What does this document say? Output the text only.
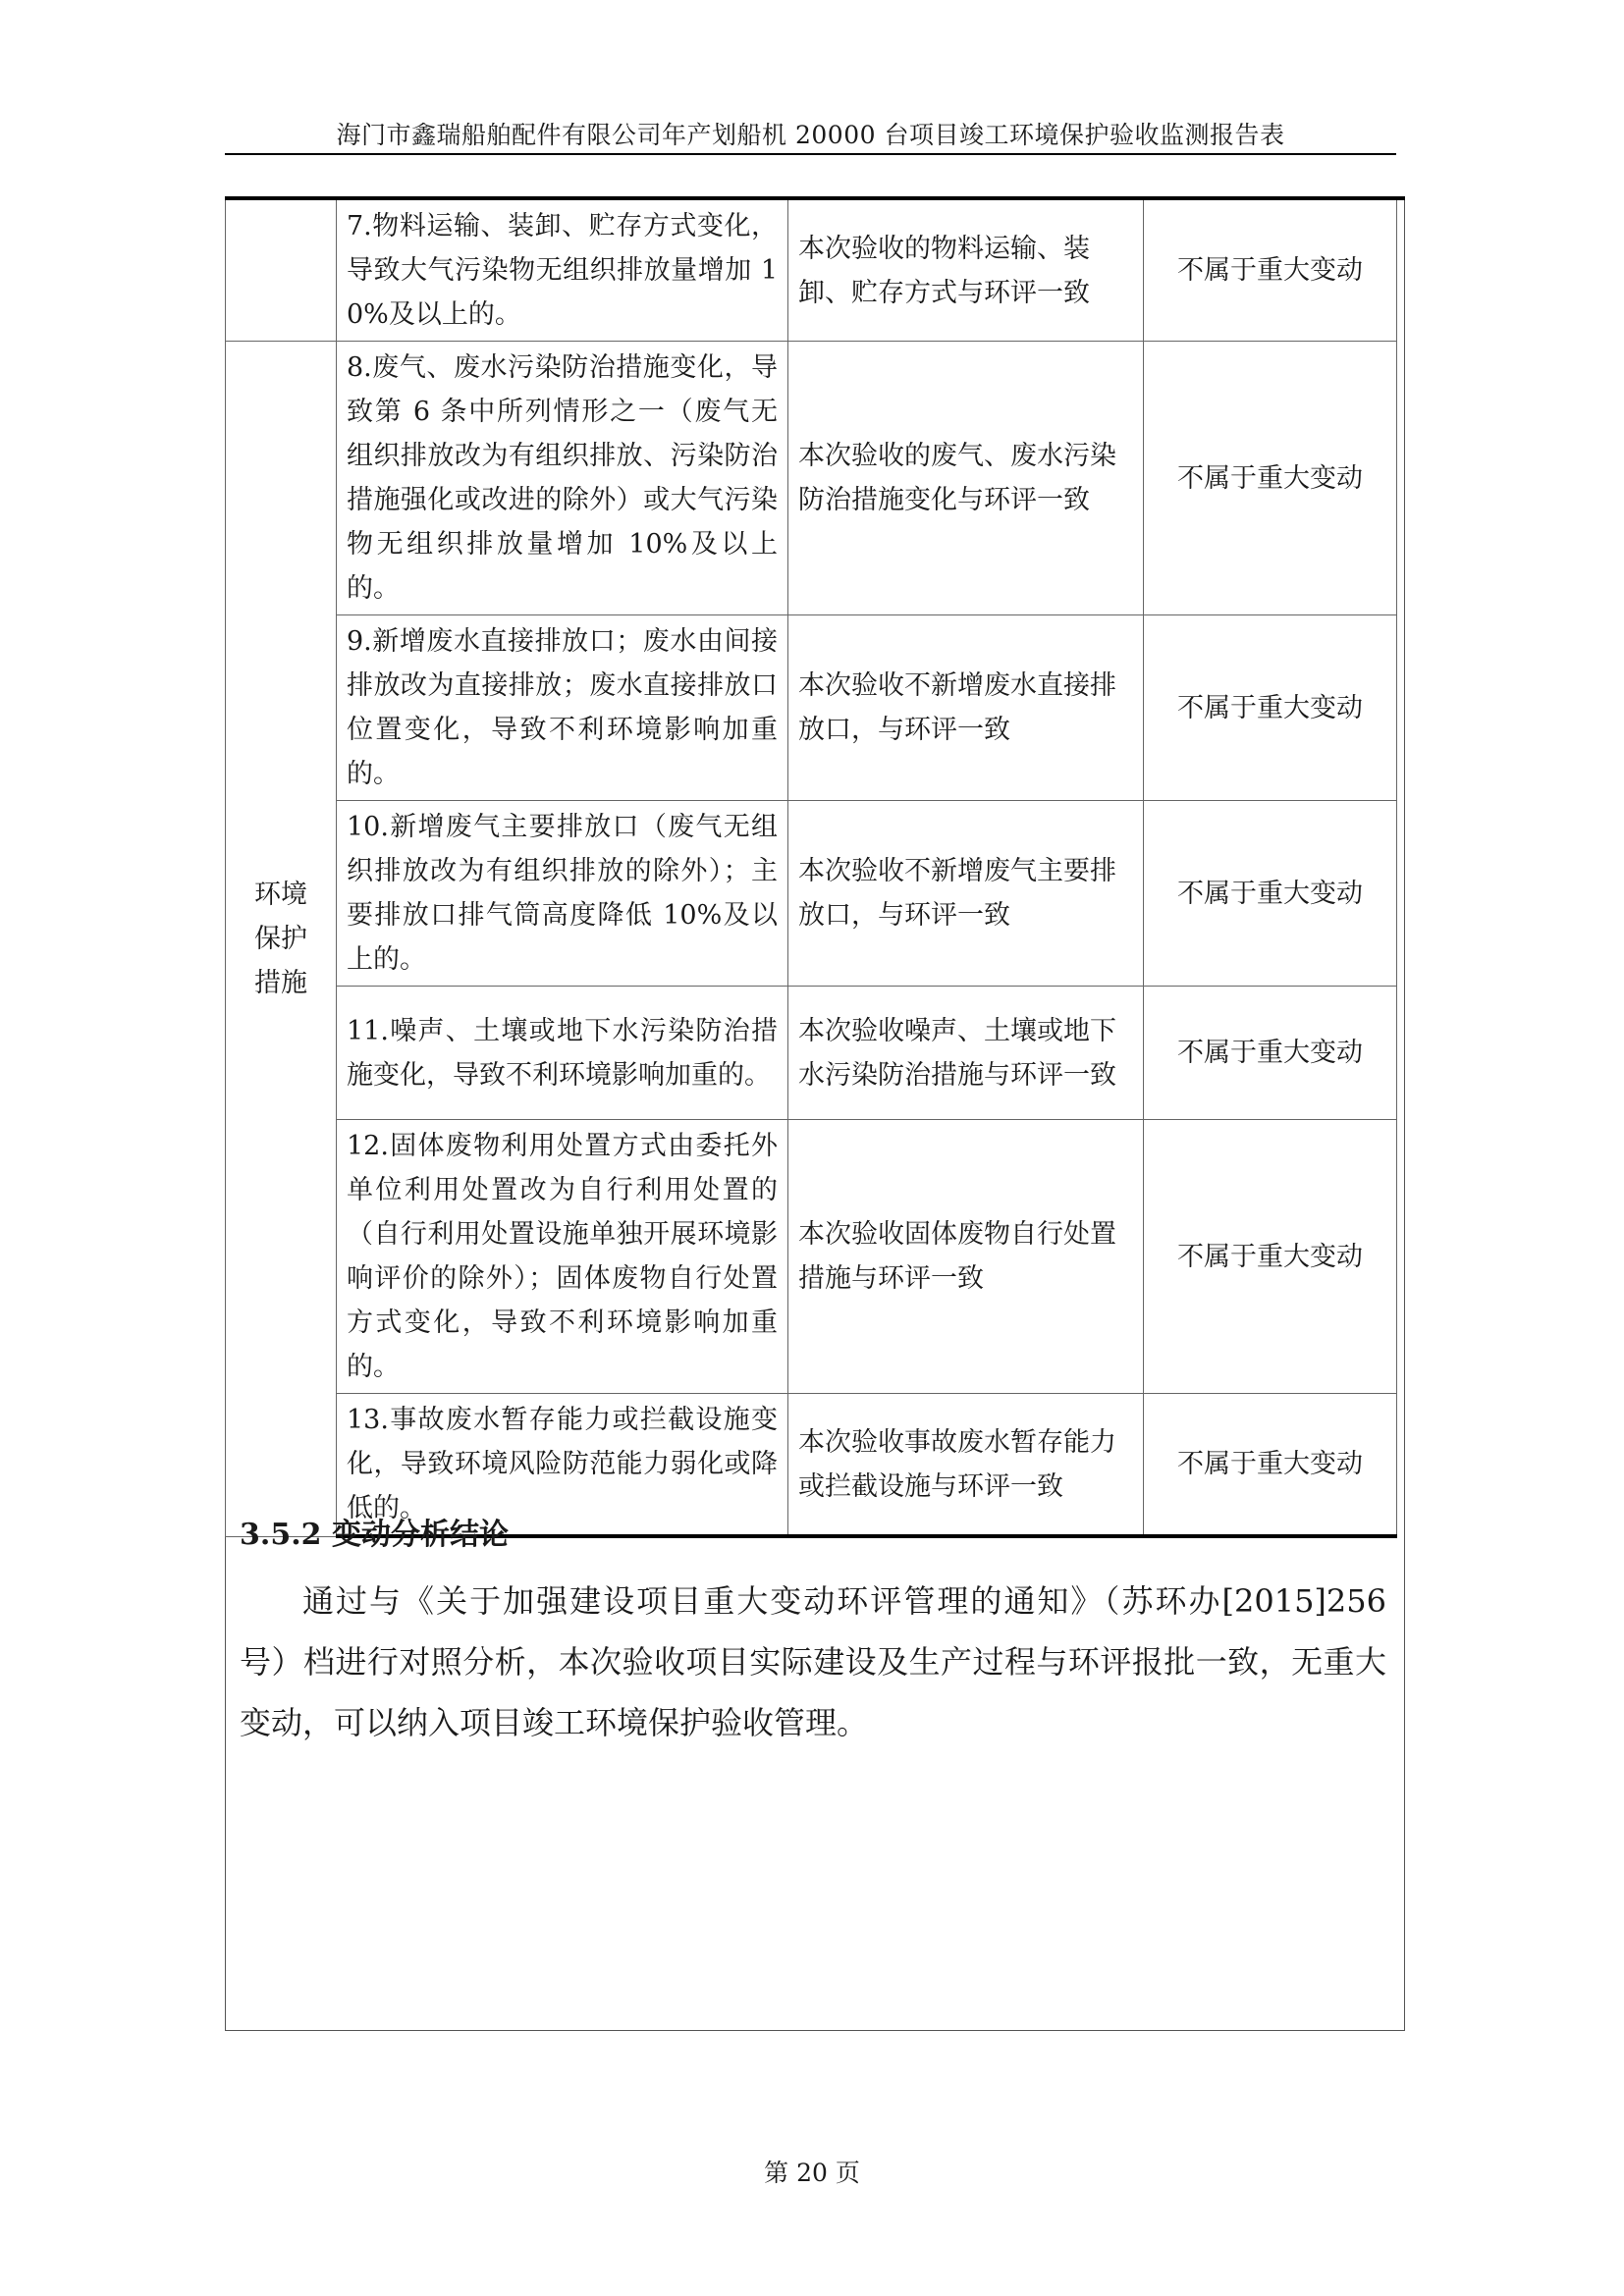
海门市鑫瑞船舶配件有限公司年产划船机 20000 台项目竣工环境保护验收监测报告表
	7.物料运输、装卸、贮存方式变化，导致大气污染物无组织排放量增加 10%及以上的。	本次验收的物料运输、装卸、贮存方式与环评一致	不属于重大变动

环境
保护
措施	8.废气、废水污染防治措施变化，导致第 6 条中所列情形之一（废气无组织排放改为有组织排放、污染防治措施强化或改进的除外）或大气污染物无组织排放量增加 10%及以上的。	本次验收的废气、废水污染防治措施变化与环评一致	不属于重大变动
	9.新增废水直接排放口；废水由间接排放改为直接排放；废水直接排放口位置变化，导致不利环境影响加重的。	本次验收不新增废水直接排放口，与环评一致	不属于重大变动
	10.新增废气主要排放口（废气无组织排放改为有组织排放的除外）；主要排放口排气筒高度降低 10%及以上的。	本次验收不新增废气主要排放口，与环评一致	不属于重大变动
	11.噪声、土壤或地下水污染防治措施变化，导致不利环境影响加重的。	本次验收噪声、土壤或地下水污染防治措施与环评一致	不属于重大变动
	12.固体废物利用处置方式由委托外单位利用处置改为自行利用处置的（自行利用处置设施单独开展环境影响评价的除外）；固体废物自行处置方式变化，导致不利环境影响加重的。	本次验收固体废物自行处置措施与环评一致	不属于重大变动
	13.事故废水暂存能力或拦截设施变化，导致环境风险防范能力弱化或降低的。	本次验收事故废水暂存能力或拦截设施与环评一致	不属于重大变动
3.5.2 变动分析结论
通过与《关于加强建设项目重大变动环评管理的通知》（苏环办[2015]256 号）档进行对照分析，本次验收项目实际建设及生产过程与环评报批一致，无重大变动，可以纳入项目竣工环境保护验收管理。
第 20 页
